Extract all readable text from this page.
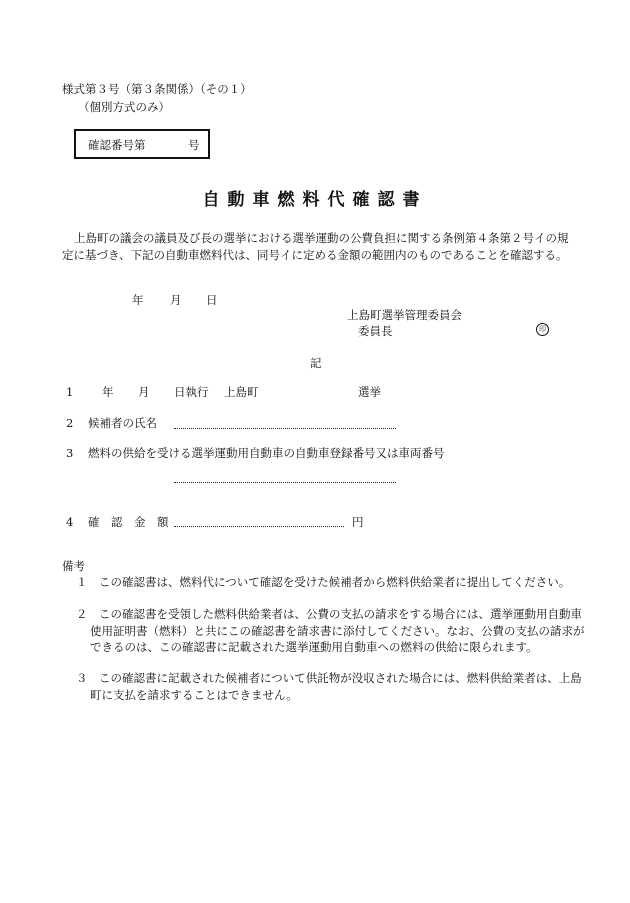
様式第３号（第３条関係）（その１）
（個別方式のみ）
確認番号第	号
自動車燃料代確認書
上島町の議会の議員及び長の選挙における選挙運動の公費負担に関する条例第４条第２号イの規定に基づき、下記の自動車燃料代は、同号イに定める金額の範囲内のものであることを確認する。
年 月 日
上島町選挙管理委員会
委員長	印
記
1 年 月 日執行 上島町	選挙
2 候補者の氏名
3 燃料の供給を受ける選挙運動用自動車の自動車登録番号又は車両番号
4 確　認　金　額	円
備考
１　この確認書は、燃料代について確認を受けた候補者から燃料供給業者に提出してください。
２　この確認書を受領した燃料供給業者は、公費の支払の請求をする場合には、選挙運動用自動車使用証明書（燃料）と共にこの確認書を請求書に添付してください。なお、公費の支払の請求ができるのは、この確認書に記載された選挙運動用自動車への燃料の供給に限られます。
３　この確認書に記載された候補者について供託物が没収された場合には、燃料供給業者は、上島町に支払を請求することはできません。
